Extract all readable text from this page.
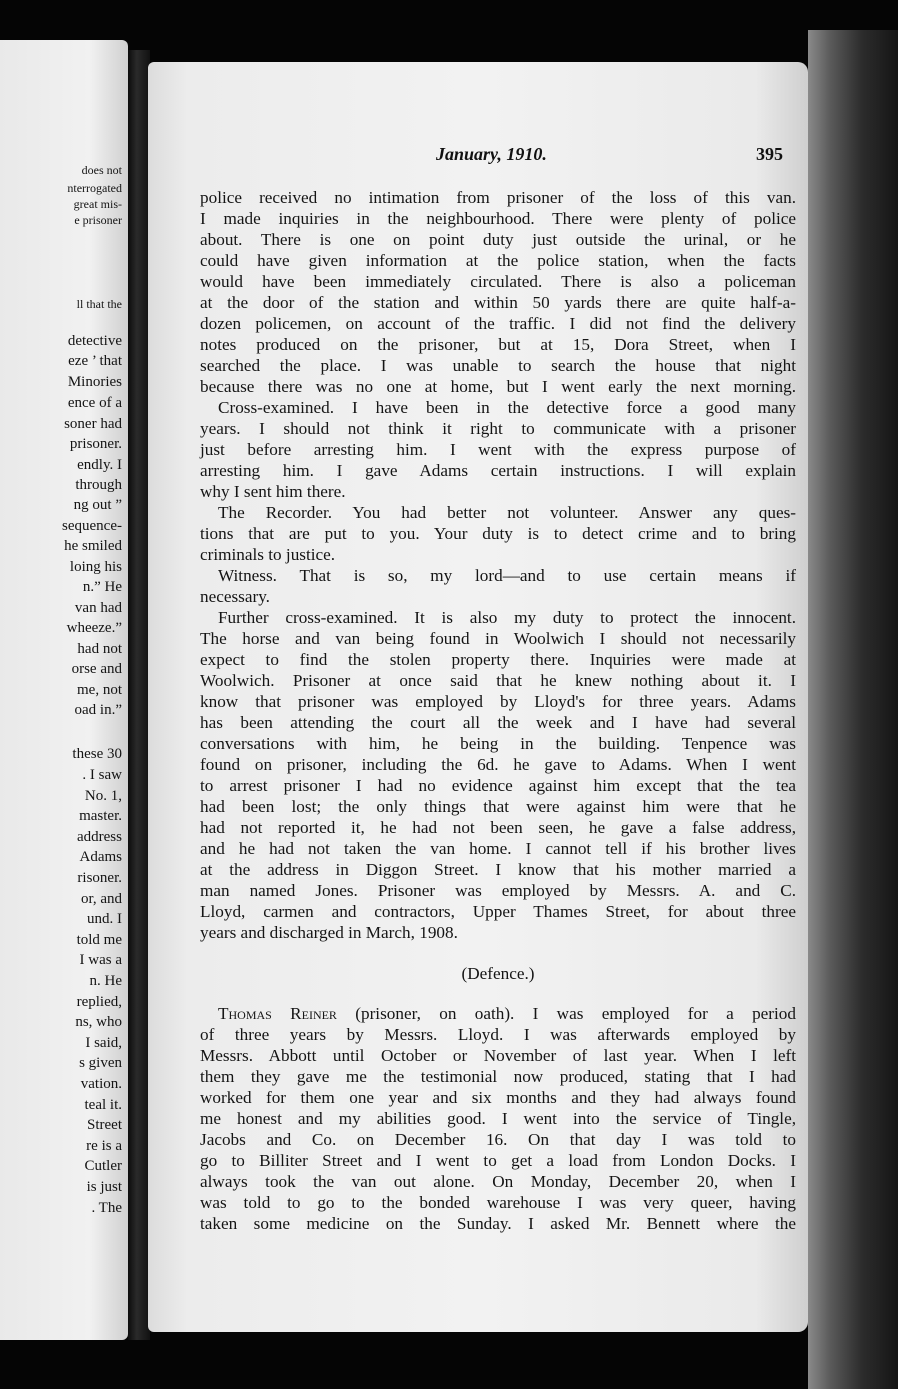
does not
nterrogated
great mis-
e prisoner
ll that the
detective
eze ’ that
Minories
ence of a
soner had
prisoner.
endly. I
through
ng out ”
sequence-
he smiled
loing his
n.” He
van had
wheeze.”
had not
orse and
me, not
oad in.”
these 30
. I saw
No. 1,
master.
address
Adams
risoner.
or, and
und. I
told me
I was a
n. He
replied,
ns, who
I said,
s given
vation.
teal it.
Street
re is a
Cutler
is just
. The
January, 1910.	395
police received no intimation from prisoner of the loss of this van.
I made inquiries in the neighbourhood. There were plenty of police
about. There is one on point duty just outside the urinal, or he
could have given information at the police station, when the facts
would have been immediately circulated. There is also a policeman
at the door of the station and within 50 yards there are quite half-a-
dozen policemen, on account of the traffic. I did not find the delivery
notes produced on the prisoner, but at 15, Dora Street, when I
searched the place. I was unable to search the house that night
because there was no one at home, but I went early the next morning.
Cross-examined. I have been in the detective force a good many
years. I should not think it right to communicate with a prisoner
just before arresting him. I went with the express purpose of
arresting him. I gave Adams certain instructions. I will explain
why I sent him there.
The Recorder. You had better not volunteer. Answer any ques-
tions that are put to you. Your duty is to detect crime and to bring
criminals to justice.
Witness. That is so, my lord—and to use certain means if
necessary.
Further cross-examined. It is also my duty to protect the innocent.
The horse and van being found in Woolwich I should not necessarily
expect to find the stolen property there. Inquiries were made at
Woolwich. Prisoner at once said that he knew nothing about it. I
know that prisoner was employed by Lloyd's for three years. Adams
has been attending the court all the week and I have had several
conversations with him, he being in the building. Tenpence was
found on prisoner, including the 6d. he gave to Adams. When I went
to arrest prisoner I had no evidence against him except that the tea
had been lost; the only things that were against him were that he
had not reported it, he had not been seen, he gave a false address,
and he had not taken the van home. I cannot tell if his brother lives
at the address in Diggon Street. I know that his mother married a
man named Jones. Prisoner was employed by Messrs. A. and C.
Lloyd, carmen and contractors, Upper Thames Street, for about three
years and discharged in March, 1908.
(Defence.)
Thomas Reiner (prisoner, on oath). I was employed for a period
of three years by Messrs. Lloyd. I was afterwards employed by
Messrs. Abbott until October or November of last year. When I left
them they gave me the testimonial now produced, stating that I had
worked for them one year and six months and they had always found
me honest and my abilities good. I went into the service of Tingle,
Jacobs and Co. on December 16. On that day I was told to
go to Billiter Street and I went to get a load from London Docks. I
always took the van out alone. On Monday, December 20, when I
was told to go to the bonded warehouse I was very queer, having
taken some medicine on the Sunday. I asked Mr. Bennett where the
